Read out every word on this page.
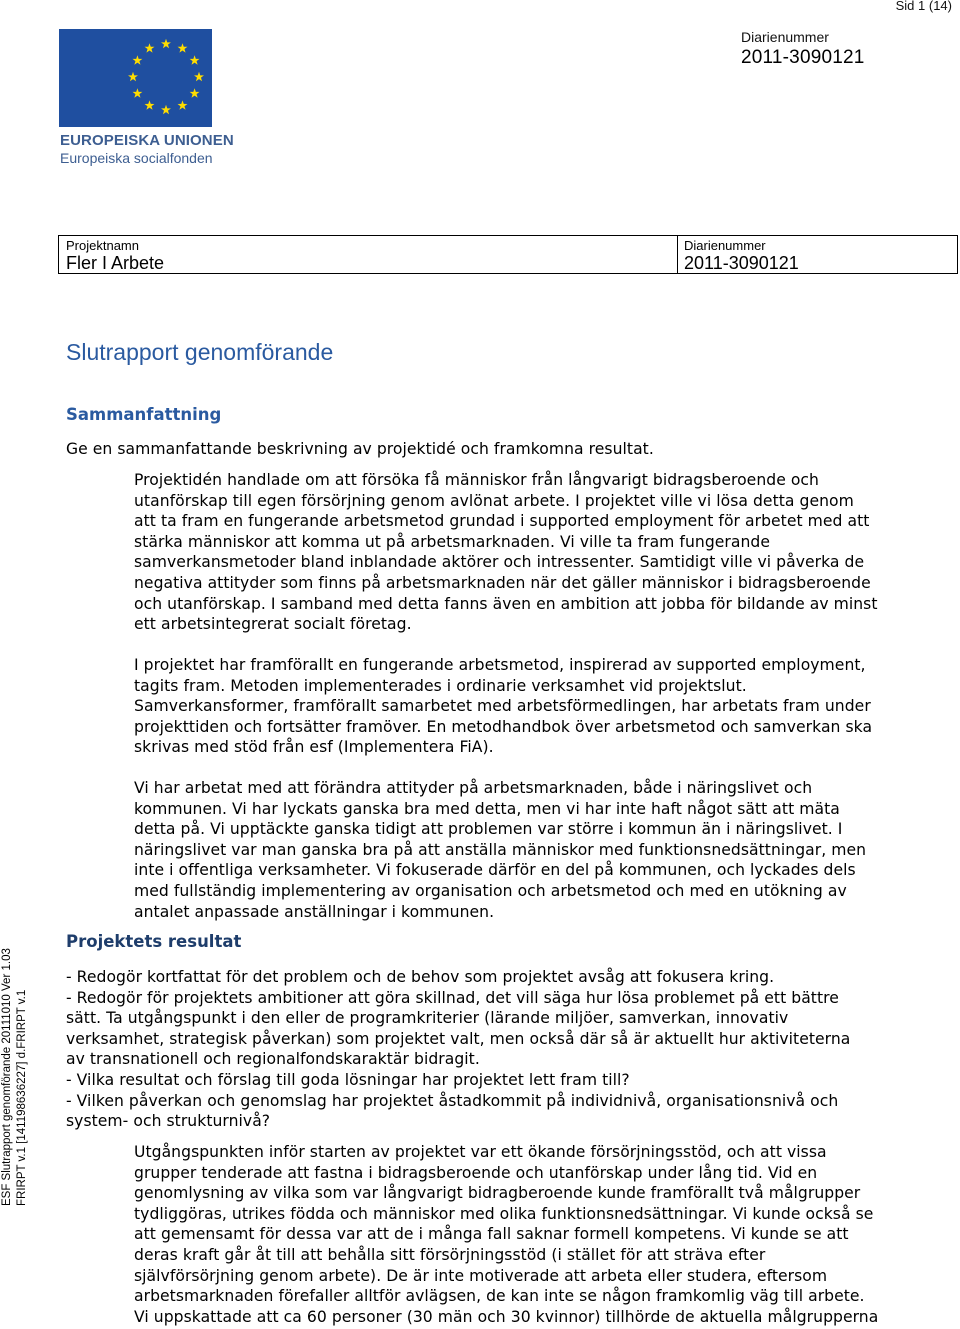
Sid 1 (14)
Diarienummer
2011-3090121
EUROPEISKA UNIONEN
Europeiska socialfonden
Projektnamn
Fler I Arbete
Diarienummer
2011-3090121
Slutrapport genomförande
Sammanfattning
Ge en sammanfattande beskrivning av projektidé och framkomna resultat.
Projektidén handlade om att försöka få människor från långvarigt bidragsberoende och
utanförskap till egen försörjning genom avlönat arbete. I projektet ville vi lösa detta genom
att ta fram en fungerande arbetsmetod grundad i supported employment för arbetet med att
stärka människor att komma ut på arbetsmarknaden. Vi ville ta fram fungerande
samverkansmetoder bland inblandade aktörer och intressenter. Samtidigt ville vi påverka de
negativa attityder som finns på arbetsmarknaden när det gäller människor i bidragsberoende
och utanförskap. I samband med detta fanns även en ambition att jobba för bildande av minst
ett arbetsintegrerat socialt företag.
I projektet har framförallt en fungerande arbetsmetod, inspirerad av supported employment,
tagits fram. Metoden implementerades i ordinarie verksamhet vid projektslut.
Samverkansformer, framförallt samarbetet med arbetsförmedlingen, har arbetats fram under
projekttiden och fortsätter framöver. En metodhandbok över arbetsmetod och samverkan ska
skrivas med stöd från esf (Implementera FiA).
Vi har arbetat med att förändra attityder på arbetsmarknaden, både i näringslivet och
kommunen. Vi har lyckats ganska bra med detta, men vi har inte haft något sätt att mäta
detta på. Vi upptäckte ganska tidigt att problemen var större i kommun än i näringslivet. I
näringslivet var man ganska bra på att anställa människor med funktionsnedsättningar, men
inte i offentliga verksamheter. Vi fokuserade därför en del på kommunen, och lyckades dels
med fullständig implementering av organisation och arbetsmetod och med en utökning av
antalet anpassade anställningar i kommunen.
Projektets resultat
- Redogör kortfattat för det problem och de behov som projektet avsåg att fokusera kring.
- Redogör för projektets ambitioner att göra skillnad, det vill säga hur lösa problemet på ett bättre
sätt. Ta utgångspunkt i den eller de programkriterier (lärande miljöer, samverkan, innovativ
verksamhet, strategisk påverkan) som projektet valt, men också där så är aktuellt hur aktiviteterna
av transnationell och regionalfondskaraktär bidragit.
- Vilka resultat och förslag till goda lösningar har projektet lett fram till?
- Vilken påverkan och genomslag har projektet åstadkommit på individnivå, organisationsnivå och
system- och strukturnivå?
Utgångspunkten inför starten av projektet var ett ökande försörjningsstöd, och att vissa
grupper tenderade att fastna i bidragsberoende och utanförskap under lång tid. Vid en
genomlysning av vilka som var långvarigt bidragberoende kunde framförallt två målgrupper
tydliggöras, utrikes födda och människor med olika funktionsnedsättningar. Vi kunde också se
att gemensamt för dessa var att de i många fall saknar formell kompetens. Vi kunde se att
deras kraft går åt till att behålla sitt försörjningsstöd (i stället för att sträva efter
självförsörjning genom arbete). De är inte motiverade att arbeta eller studera, eftersom
arbetsmarknaden förefaller alltför avlägsen, de kan inte se någon framkomlig väg till arbete.
Vi uppskattade att ca 60 personer (30 män och 30 kvinnor) tillhörde de aktuella målgrupperna
ESF Slutrapport genomförande 20111010 Ver 1.03 FRIRPT v.1 [141198636227] d.FRIRPT v.1
